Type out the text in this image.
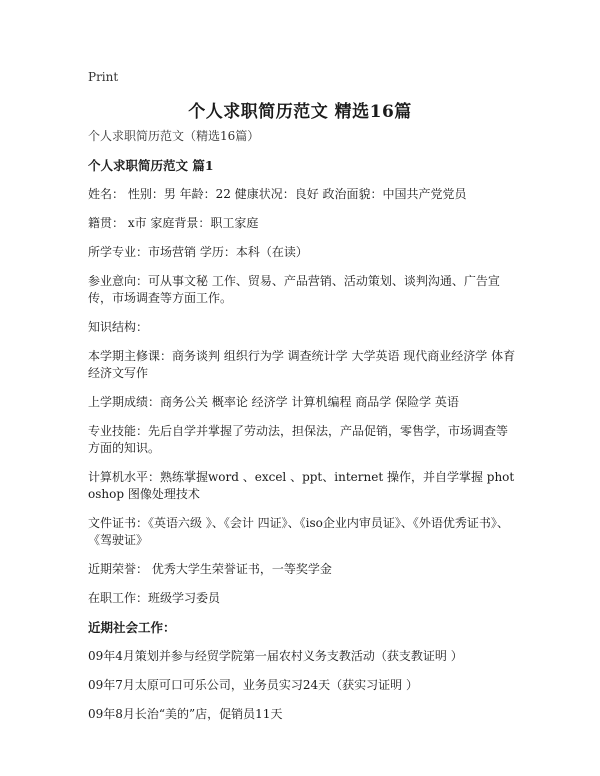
Print
个人求职简历范文 精选16篇

个人求职简历范文（精选16篇）

个人求职简历范文 篇1

姓名： 性别：男 年龄：22 健康状况：良好 政治面貌：中国共产党党员

籍贯： x市 家庭背景：职工家庭

所学专业：市场营销 学历：本科（在读）

参业意向：可从事文秘 工作、贸易、产品营销、活动策划、谈判沟通、广告宣传，市场调查等方面工作。

知识结构：

本学期主修课：商务谈判 组织行为学 调查统计学 大学英语 现代商业经济学 体育经济文写作

上学期成绩：商务公关 概率论 经济学 计算机编程 商品学 保险学 英语

专业技能：先后自学并掌握了劳动法，担保法，产品促销，零售学，市场调查等方面的知识。

计算机水平：熟练掌握word 、excel 、ppt、internet 操作，并自学掌握 photoshop 图像处理技术

文件证书：《英语六级 》、《会计 四证》、《iso企业内审员证》、《外语优秀证书》、《驾驶证》

近期荣誉： 优秀大学生荣誉证书，一等奖学金

在职工作：班级学习委员

近期社会工作：

09年4月策划并参与经贸学院第一届农村义务支教活动（获支教证明 ）

09年7月太原可口可乐公司，业务员实习24天（获实习证明 ）

09年8月长治“美的”店，促销员11天
